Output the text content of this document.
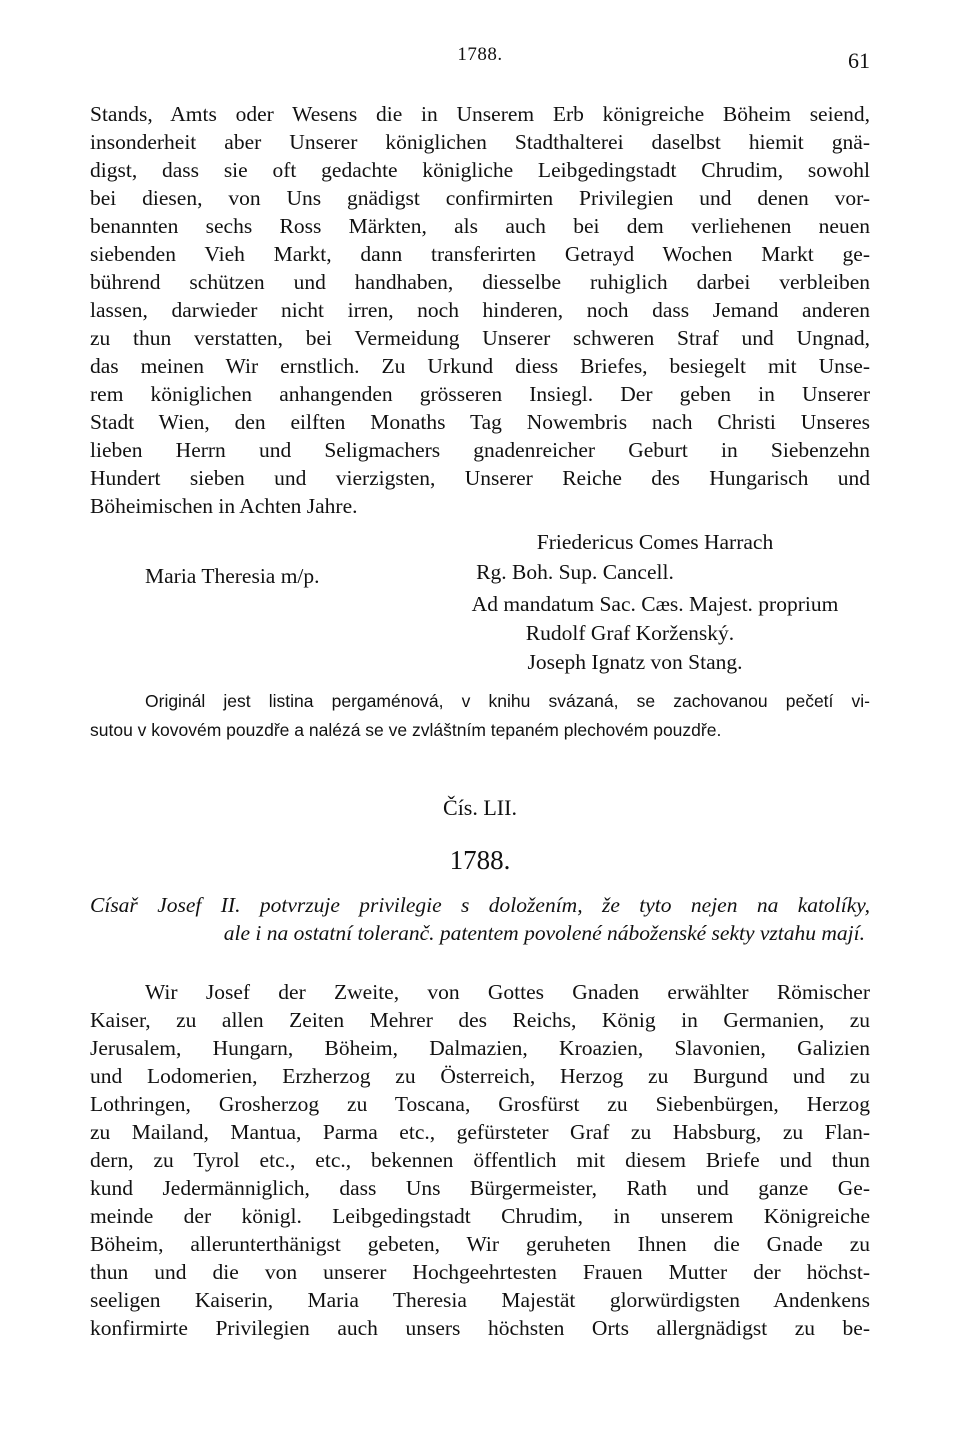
1788.	61
Stands, Amts oder Wesens die in Unserem Erb königreiche Böheim seiend,
insonderheit aber Unserer königlichen Stadthalterei daselbst hiemit gnä-
digst, dass sie oft gedachte königliche Leibgedingstadt Chrudim, sowohl
bei diesen, von Uns gnädigst confirmirten Privilegien und denen vor-
benannten sechs Ross Märkten, als auch bei dem verliehenen neuen
siebenden Vieh Markt, dann transferirten Getrayd Wochen Markt ge-
bührend schützen und handhaben, diesselbe ruhiglich darbei verbleiben
lassen, darwieder nicht irren, noch hinderen, noch dass Jemand anderen
zu thun verstatten, bei Vermeidung Unserer schweren Straf und Ungnad,
das meinen Wir ernstlich. Zu Urkund diess Briefes, besiegelt mit Unse-
rem königlichen anhangenden grösseren Insiegl. Der geben in Unserer
Stadt Wien, den eilften Monaths Tag Nowembris nach Christi Unseres
lieben Herrn und Seligmachers gnadenreicher Geburt in Siebenzehn
Hundert sieben und vierzigsten, Unserer Reiche des Hungarisch und
Böheimischen in Achten Jahre.
Friedericus Comes Harrach
Maria Theresia m/p.	Rg. Boh. Sup. Cancell.
Ad mandatum Sac. Cæs. Majest. proprium
Rudolf Graf Korženský.
Joseph Ignatz von Stang.
Originál jest listina pergaménová, v knihu svázaná, se zachovanou pečetí vi-
sutou v kovovém pouzdře a nalézá se ve zvláštním tepaném plechovém pouzdře.
Čís. LII.
1788.
Císař Josef II. potvrzuje privilegie s doložením, že tyto nejen na katolíky,
ale i na ostatní toleranč. patentem povolené náboženské sekty vztahu mají.
Wir Josef der Zweite, von Gottes Gnaden erwählter Römischer
Kaiser, zu allen Zeiten Mehrer des Reichs, König in Germanien, zu
Jerusalem, Hungarn, Böheim, Dalmazien, Kroazien, Slavonien, Galizien
und Lodomerien, Erzherzog zu Österreich, Herzog zu Burgund und zu
Lothringen, Grosherzog zu Toscana, Grosfürst zu Siebenbürgen, Herzog
zu Mailand, Mantua, Parma etc., gefürsteter Graf zu Habsburg, zu Flan-
dern, zu Tyrol etc., etc., bekennen öffentlich mit diesem Briefe und thun
kund Jedermänniglich, dass Uns Bürgermeister, Rath und ganze Ge-
meinde der königl. Leibgedingstadt Chrudim, in unserem Königreiche
Böheim, allerunterthänigst gebeten, Wir geruheten Ihnen die Gnade zu
thun und die von unserer Hochgeehrtesten Frauen Mutter der höchst-
seeligen Kaiserin, Maria Theresia Majestät glorwürdigsten Andenkens
konfirmirte Privilegien auch unsers höchsten Orts allergnädigst zu be-
